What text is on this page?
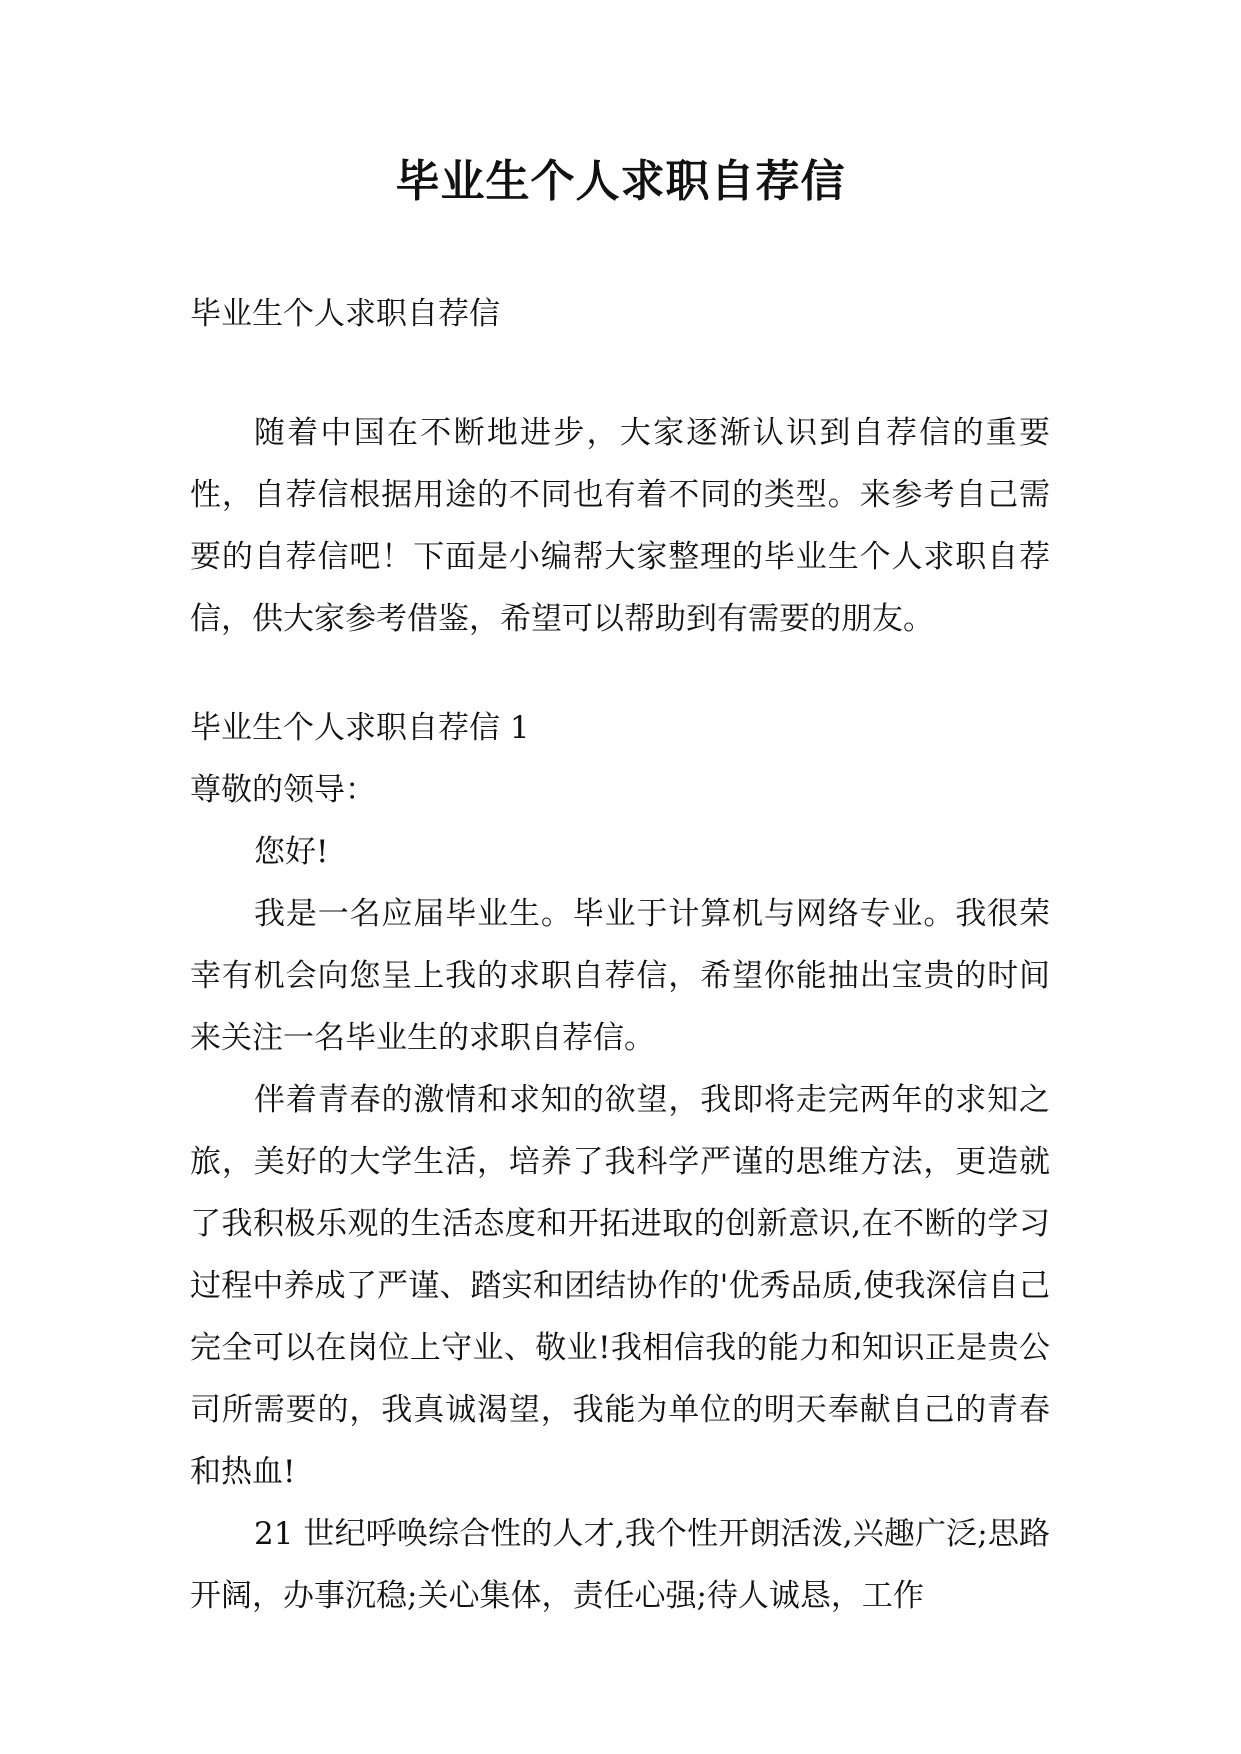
毕业生个人求职自荐信

毕业生个人求职自荐信

随着中国在不断地进步，大家逐渐认识到自荐信的重要性，自荐信根据用途的不同也有着不同的类型。来参考自己需要的自荐信吧！下面是小编帮大家整理的毕业生个人求职自荐信，供大家参考借鉴，希望可以帮助到有需要的朋友。

毕业生个人求职自荐信 1

尊敬的领导：

您好!

我是一名应届毕业生。毕业于计算机与网络专业。我很荣幸有机会向您呈上我的求职自荐信，希望你能抽出宝贵的时间来关注一名毕业生的求职自荐信。

伴着青春的激情和求知的欲望，我即将走完两年的求知之旅，美好的大学生活，培养了我科学严谨的思维方法，更造就了我积极乐观的生活态度和开拓进取的创新意识,在不断的学习过程中养成了严谨、踏实和团结协作的'优秀品质,使我深信自己完全可以在岗位上守业、敬业!我相信我的能力和知识正是贵公司所需要的，我真诚渴望，我能为单位的明天奉献自己的青春和热血!

21 世纪呼唤综合性的人才,我个性开朗活泼,兴趣广泛;思路开阔，办事沉稳;关心集体，责任心强;待人诚恳，工作
